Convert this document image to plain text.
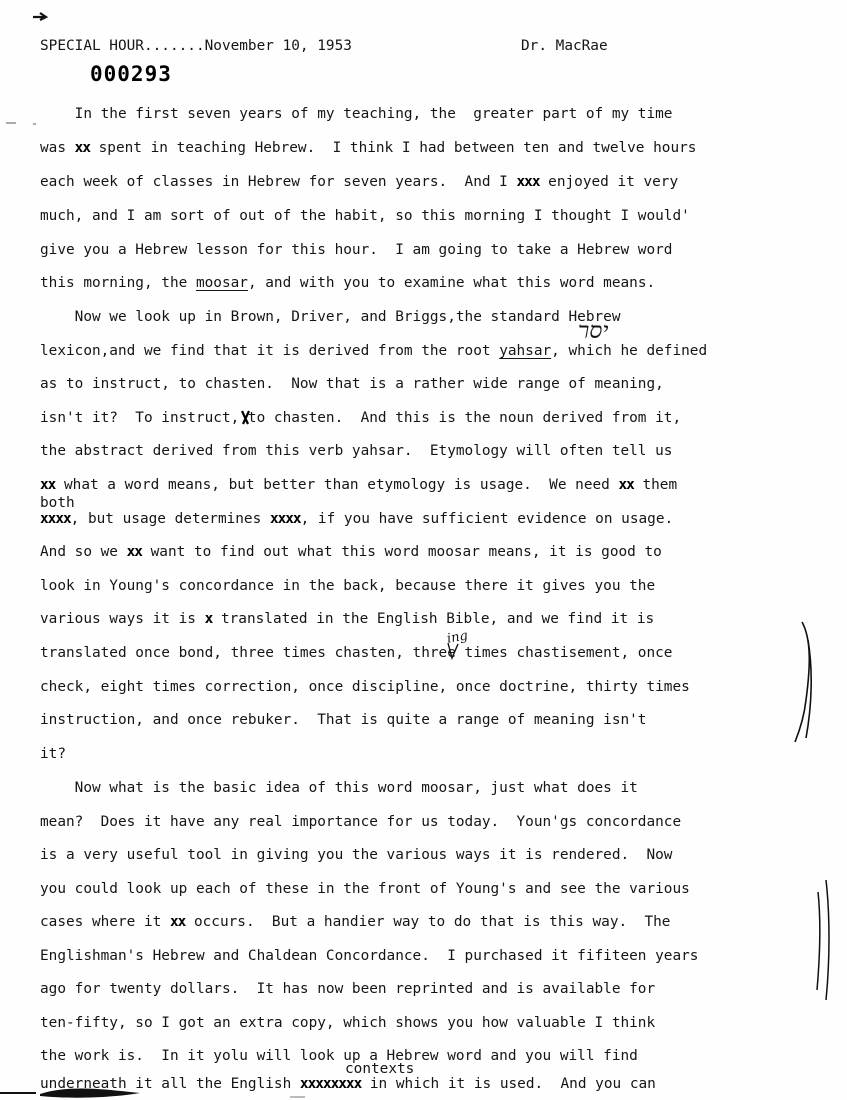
SPECIAL HOUR.......November 10, 1953	Dr. MacRae
000293
יסר
ing
both
contexts
In the first seven years of my teaching, the  greater part of my time
was xx spent in teaching Hebrew.  I think I had between ten and twelve hours
each week of classes in Hebrew for seven years.  And I xxx enjoyed it very
much, and I am sort of out of the habit, so this morning I thought I would'
give you a Hebrew lesson for this hour.  I am going to take a Hebrew word
this morning, the moosar, and with you to examine what this word means.
Now we look up in Brown, Driver, and Briggs,the standard Hebrew
lexicon,and we find that it is derived from the root yahsar, which he defined
as to instruct, to chasten.  Now that is a rather wide range of meaning,
isn't it?  To instruct, to chasten.  And this is the noun derived from it,
the abstract derived from this verb yahsar.  Etymology will often tell us
xx what a word means, but better than etymology is usage.  We need xx them
xxxx, but usage determines xxxx, if you have sufficient evidence on usage.
And so we xx want to find out what this word moosar means, it is good to
look in Young's concordance in the back, because there it gives you the
various ways it is x translated in the English Bible, and we find it is
translated once bond, three times chasten, three times chastisement, once
check, eight times correction, once discipline, once doctrine, thirty times
instruction, and once rebuker.  That is quite a range of meaning isn't
it?
Now what is the basic idea of this word moosar, just what does it
mean?  Does it have any real importance for us today.  Youn'gs concordance
is a very useful tool in giving you the various ways it is rendered.  Now
you could look up each of these in the front of Young's and see the various
cases where it xx occurs.  But a handier way to do that is this way.  The
Englishman's Hebrew and Chaldean Concordance.  I purchased it fifiteen years
ago for twenty dollars.  It has now been reprinted and is available for
ten-fifty, so I got an extra copy, which shows you how valuable I think
the work is.  In it yolu will look up a Hebrew word and you will find
underneath it all the English xxxxxxxx in which it is used.  And you can
